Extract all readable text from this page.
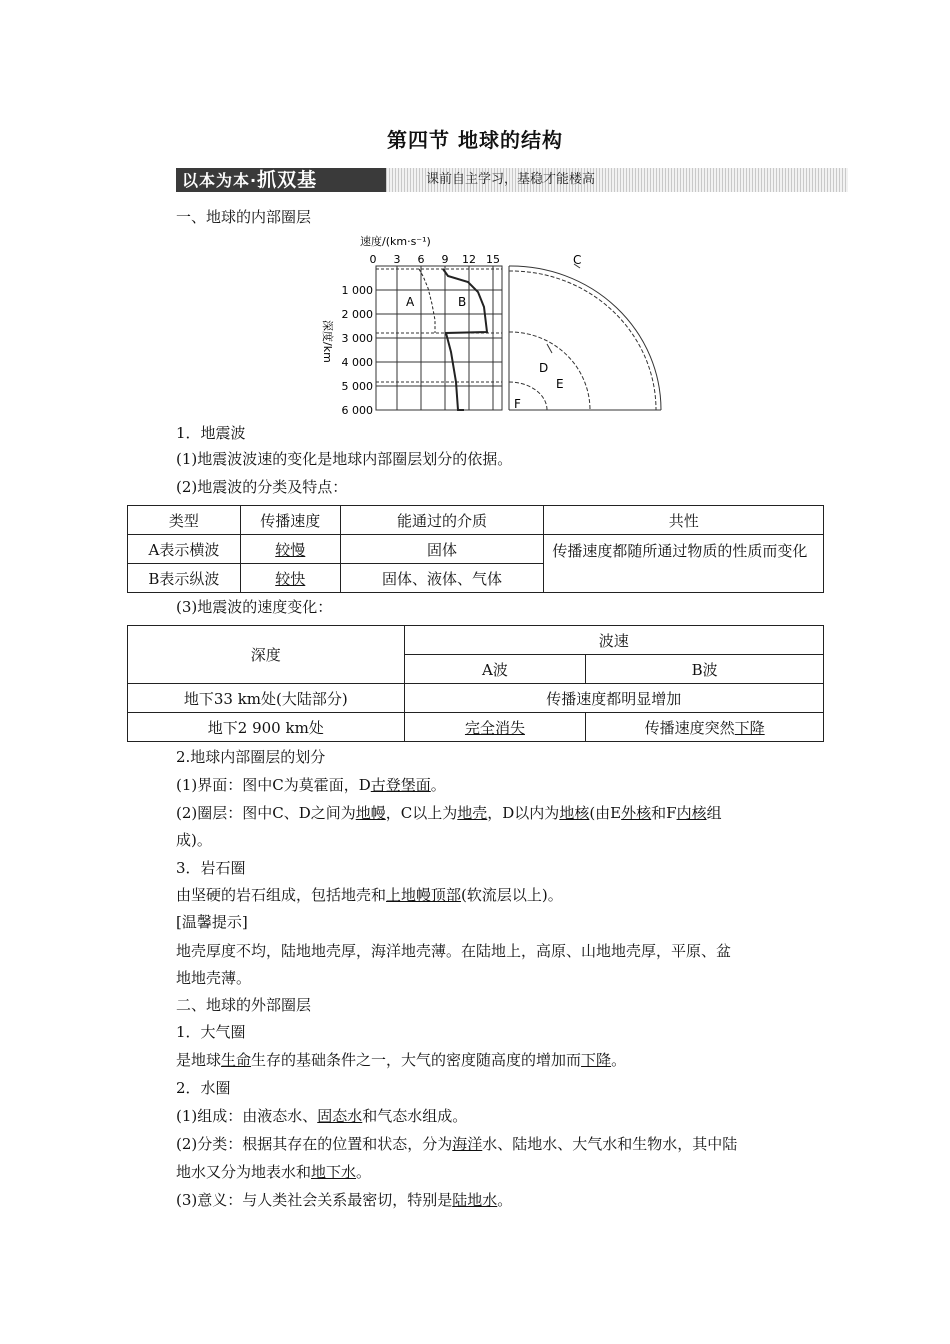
第四节 地球的结构
以本为本·抓双基	课前自主学习，基稳才能楼高
一、地球的内部圈层
速度/(km·s⁻¹)
0 3 6 9 12 15
1 000
2 000
3 000
4 000
5 000
6 000
深度/km
A	B
C
D
E
F
1．地震波
(1)地震波波速的变化是地球内部圈层划分的依据。
(2)地震波的分类及特点：
类型	传播速度	能通过的介质	共性
A表示横波	较慢	固体	传播速度都随所通过物质的性质而变化
B表示纵波	较快	固体、液体、气体	
(3)地震波的速度变化：
深度	波速	
	A波	B波
地下33 km处(大陆部分)	传播速度都明显增加	
地下2 900 km处	完全消失	传播速度突然下降
2.地球内部圈层的划分
(1)界面：图中C为莫霍面，D古登堡面。
(2)圈层：图中C、D之间为地幔，C以上为地壳，D以内为地核(由E外核和F内核组
成)。
3．岩石圈
由坚硬的岩石组成，包括地壳和上地幔顶部(软流层以上)。
[温馨提示]
地壳厚度不均，陆地地壳厚，海洋地壳薄。在陆地上，高原、山地地壳厚，平原、盆
地地壳薄。
二、地球的外部圈层
1．大气圈
是地球生命生存的基础条件之一，大气的密度随高度的增加而下降。
2．水圈
(1)组成：由液态水、固态水和气态水组成。
(2)分类：根据其存在的位置和状态，分为海洋水、陆地水、大气水和生物水，其中陆
地水又分为地表水和地下水。
(3)意义：与人类社会关系最密切，特别是陆地水。
